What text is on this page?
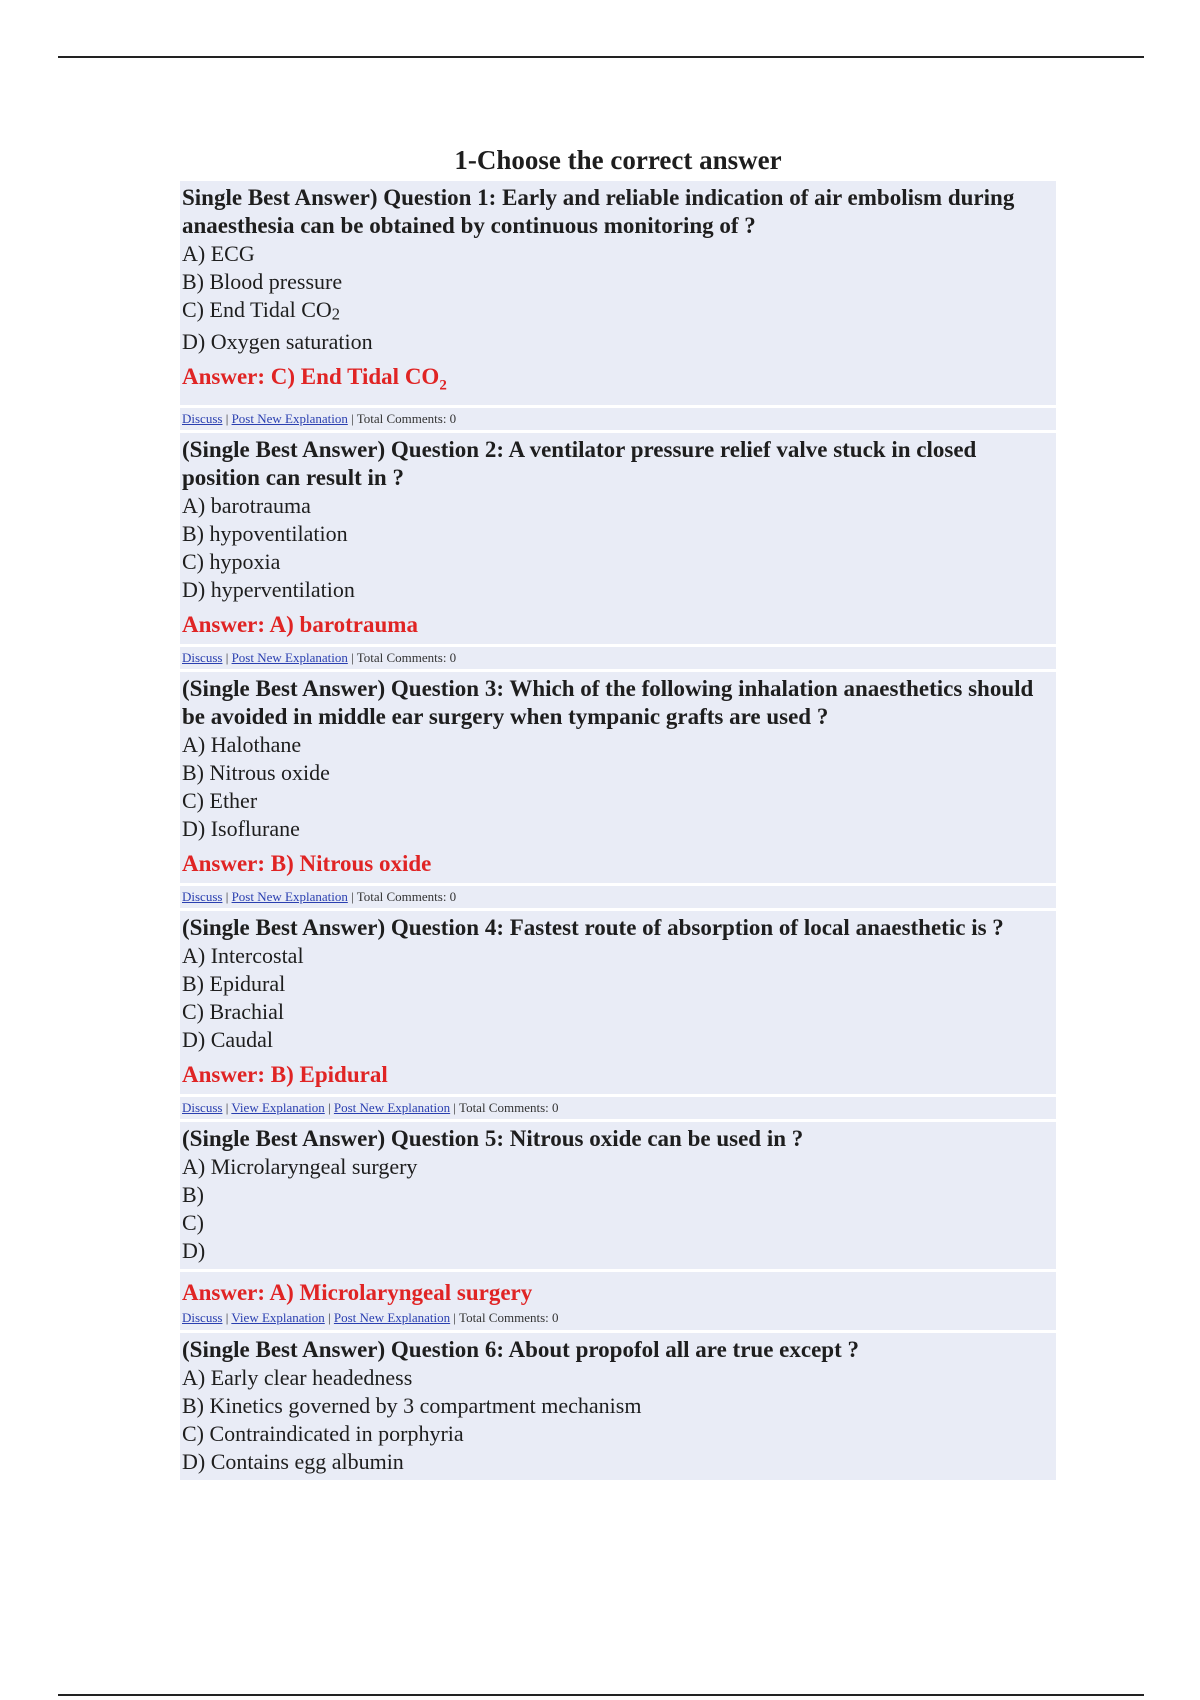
1-Choose the correct answer

Single Best Answer) Question 1: Early and reliable indication of air embolism during anaesthesia can be obtained by continuous monitoring of ?

A) ECG
B) Blood pressure
C) End Tidal $CO_2$
D) Oxygen saturation
Answer: C) End Tidal $CO_2$
Discuss | Post New Explanation | Total Comments: 0

(Single Best Answer) Question 2: A ventilator pressure relief valve stuck in closed position can result in ?

A) barotrauma
B) hypoventilation
C) hypoxia
D) hyperventilation
Answer: A) barotrauma
Discuss | Post New Explanation | Total Comments: 0

(Single Best Answer) Question 3: Which of the following inhalation anaesthetics should be avoided in middle ear surgery when tympanic grafts are used ?

A) Halothane
B) Nitrous oxide
C) Ether
D) Isoflurane
Answer: B) Nitrous oxide
Discuss | Post New Explanation | Total Comments: 0

(Single Best Answer) Question 4: Fastest route of absorption of local anaesthetic is ?

A) Intercostal
B) Epidural
C) Brachial
D) Caudal
Answer: B) Epidural
Discuss | View Explanation | Post New Explanation | Total Comments: 0

(Single Best Answer) Question 5: Nitrous oxide can be used in ?

A) Microlaryngeal surgery
B)
C)
D)
Answer: A) Microlaryngeal surgery
Discuss | View Explanation | Post New Explanation | Total Comments: 0

(Single Best Answer) Question 6: About propofol all are true except ?

A) Early clear headedness
B) Kinetics governed by 3 compartment mechanism
C) Contraindicated in porphyria
D) Contains egg albumin
